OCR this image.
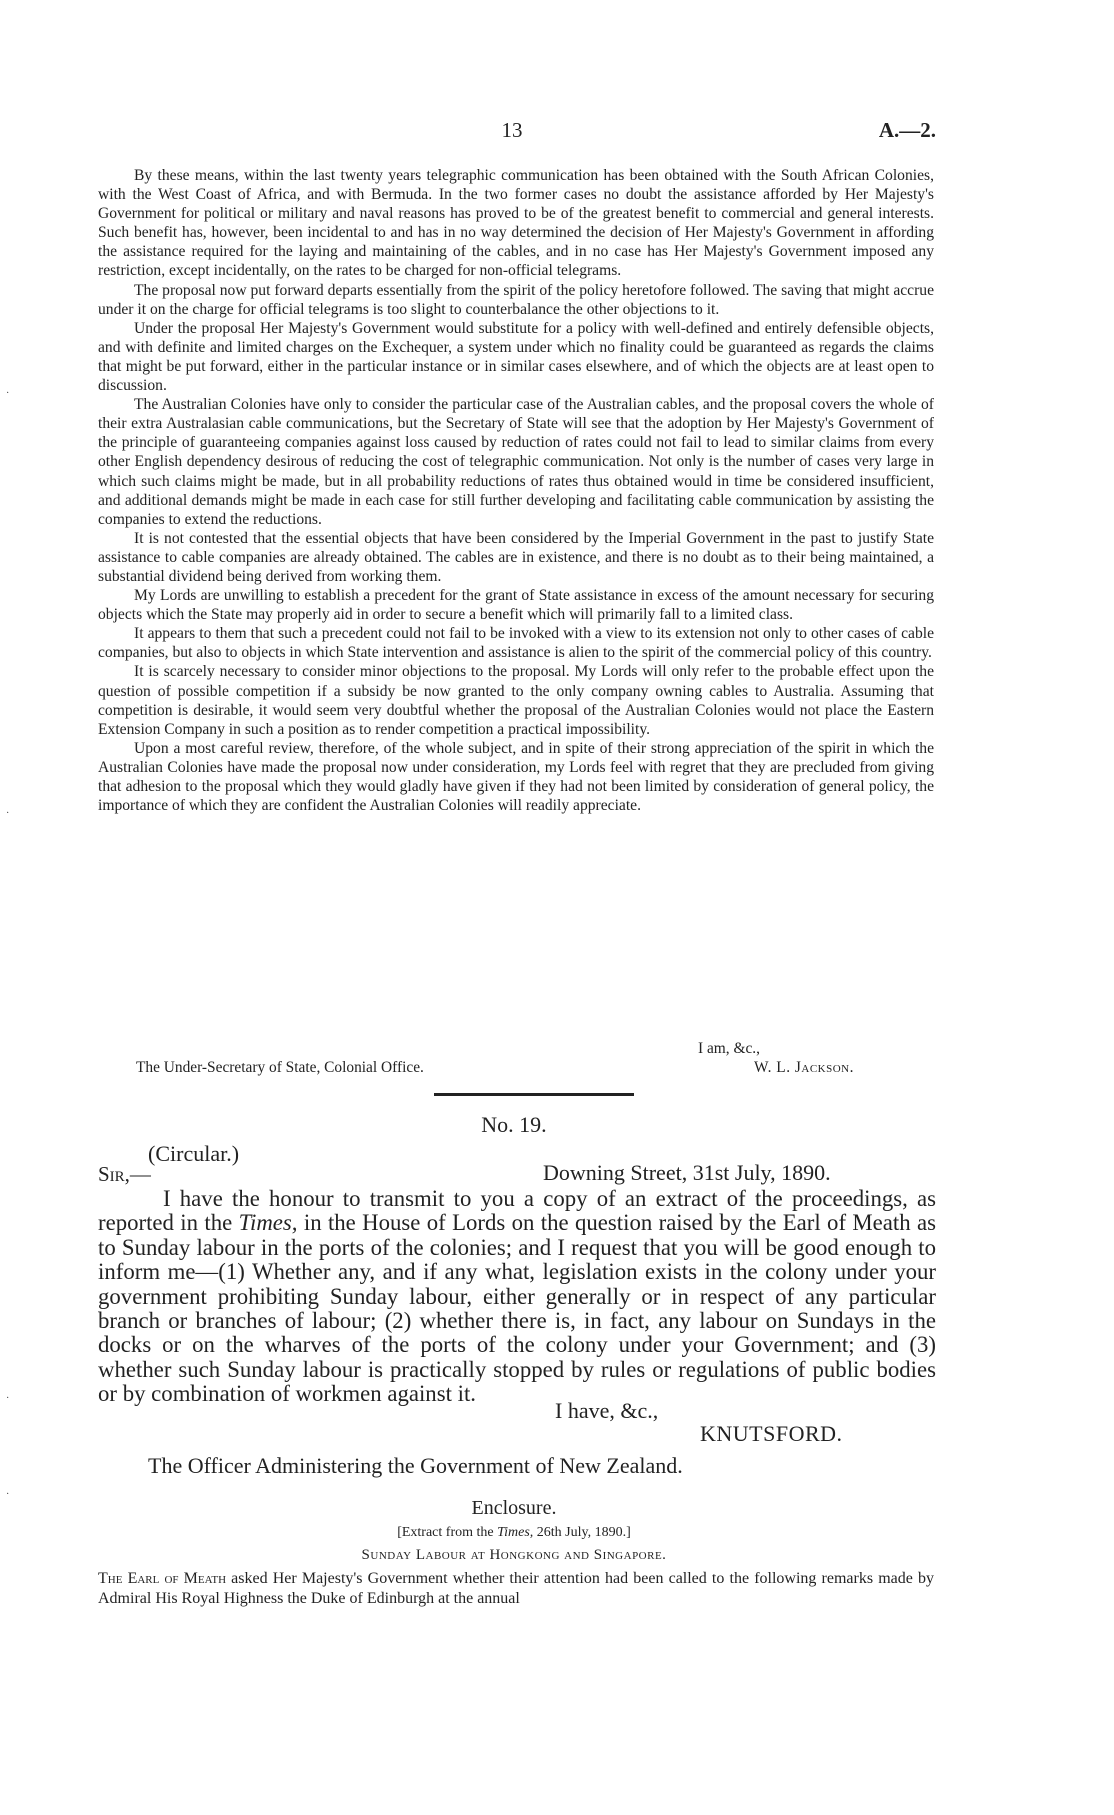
13	A.—2.

By these means, within the last twenty years telegraphic communication has been obtained with the South African Colonies, with the West Coast of Africa, and with Bermuda. In the two former cases no doubt the assistance afforded by Her Majesty's Government for political or military and naval reasons has proved to be of the greatest benefit to commercial and general interests. Such benefit has, however, been incidental to and has in no way determined the decision of Her Majesty's Government in affording the assistance required for the laying and maintaining of the cables, and in no case has Her Majesty's Government imposed any restriction, except incidentally, on the rates to be charged for non-official telegrams.

The proposal now put forward departs essentially from the spirit of the policy heretofore followed. The saving that might accrue under it on the charge for official telegrams is too slight to counterbalance the other objections to it.

Under the proposal Her Majesty's Government would substitute for a policy with well-defined and entirely defensible objects, and with definite and limited charges on the Exchequer, a system under which no finality could be guaranteed as regards the claims that might be put forward, either in the particular instance or in similar cases elsewhere, and of which the objects are at least open to discussion.

The Australian Colonies have only to consider the particular case of the Australian cables, and the proposal covers the whole of their extra Australasian cable communications, but the Secretary of State will see that the adoption by Her Majesty's Government of the principle of guaranteeing companies against loss caused by reduction of rates could not fail to lead to similar claims from every other English dependency desirous of reducing the cost of telegraphic communication. Not only is the number of cases very large in which such claims might be made, but in all probability reductions of rates thus obtained would in time be considered insufficient, and additional demands might be made in each case for still further developing and facilitating cable communication by assisting the companies to extend the reductions.

It is not contested that the essential objects that have been considered by the Imperial Government in the past to justify State assistance to cable companies are already obtained. The cables are in existence, and there is no doubt as to their being maintained, a substantial dividend being derived from working them.

My Lords are unwilling to establish a precedent for the grant of State assistance in excess of the amount necessary for securing objects which the State may properly aid in order to secure a benefit which will primarily fall to a limited class.

It appears to them that such a precedent could not fail to be invoked with a view to its extension not only to other cases of cable companies, but also to objects in which State intervention and assistance is alien to the spirit of the commercial policy of this country.

It is scarcely necessary to consider minor objections to the proposal. My Lords will only refer to the probable effect upon the question of possible competition if a subsidy be now granted to the only company owning cables to Australia. Assuming that competition is desirable, it would seem very doubtful whether the proposal of the Australian Colonies would not place the Eastern Extension Company in such a position as to render competition a practical impossibility.

Upon a most careful review, therefore, of the whole subject, and in spite of their strong appreciation of the spirit in which the Australian Colonies have made the proposal now under consideration, my Lords feel with regret that they are precluded from giving that adhesion to the proposal which they would gladly have given if they had not been limited by consideration of general policy, the importance of which they are confident the Australian Colonies will readily appreciate.

I am, &c.,
The Under-Secretary of State, Colonial Office.	W. L. Jackson.
No. 19.
(Circular.)
Sir,—	Downing Street, 31st July, 1890.

I have the honour to transmit to you a copy of an extract of the proceedings, as reported in the Times, in the House of Lords on the question raised by the Earl of Meath as to Sunday labour in the ports of the colonies; and I request that you will be good enough to inform me—(1) Whether any, and if any what, legislation exists in the colony under your government prohibiting Sunday labour, either generally or in respect of any particular branch or branches of labour; (2) whether there is, in fact, any labour on Sundays in the docks or on the wharves of the ports of the colony under your Government; and (3) whether such Sunday labour is practically stopped by rules or regulations of public bodies or by combination of workmen against it.

I have, &c.,
KNUTSFORD.
The Officer Administering the Government of New Zealand.
Enclosure.
[Extract from the Times, 26th July, 1890.]
Sunday Labour at Hongkong and Singapore.

The Earl of Meath asked Her Majesty's Government whether their attention had been called to the following remarks made by Admiral His Royal Highness the Duke of Edinburgh at the annual

·
·
·
·
